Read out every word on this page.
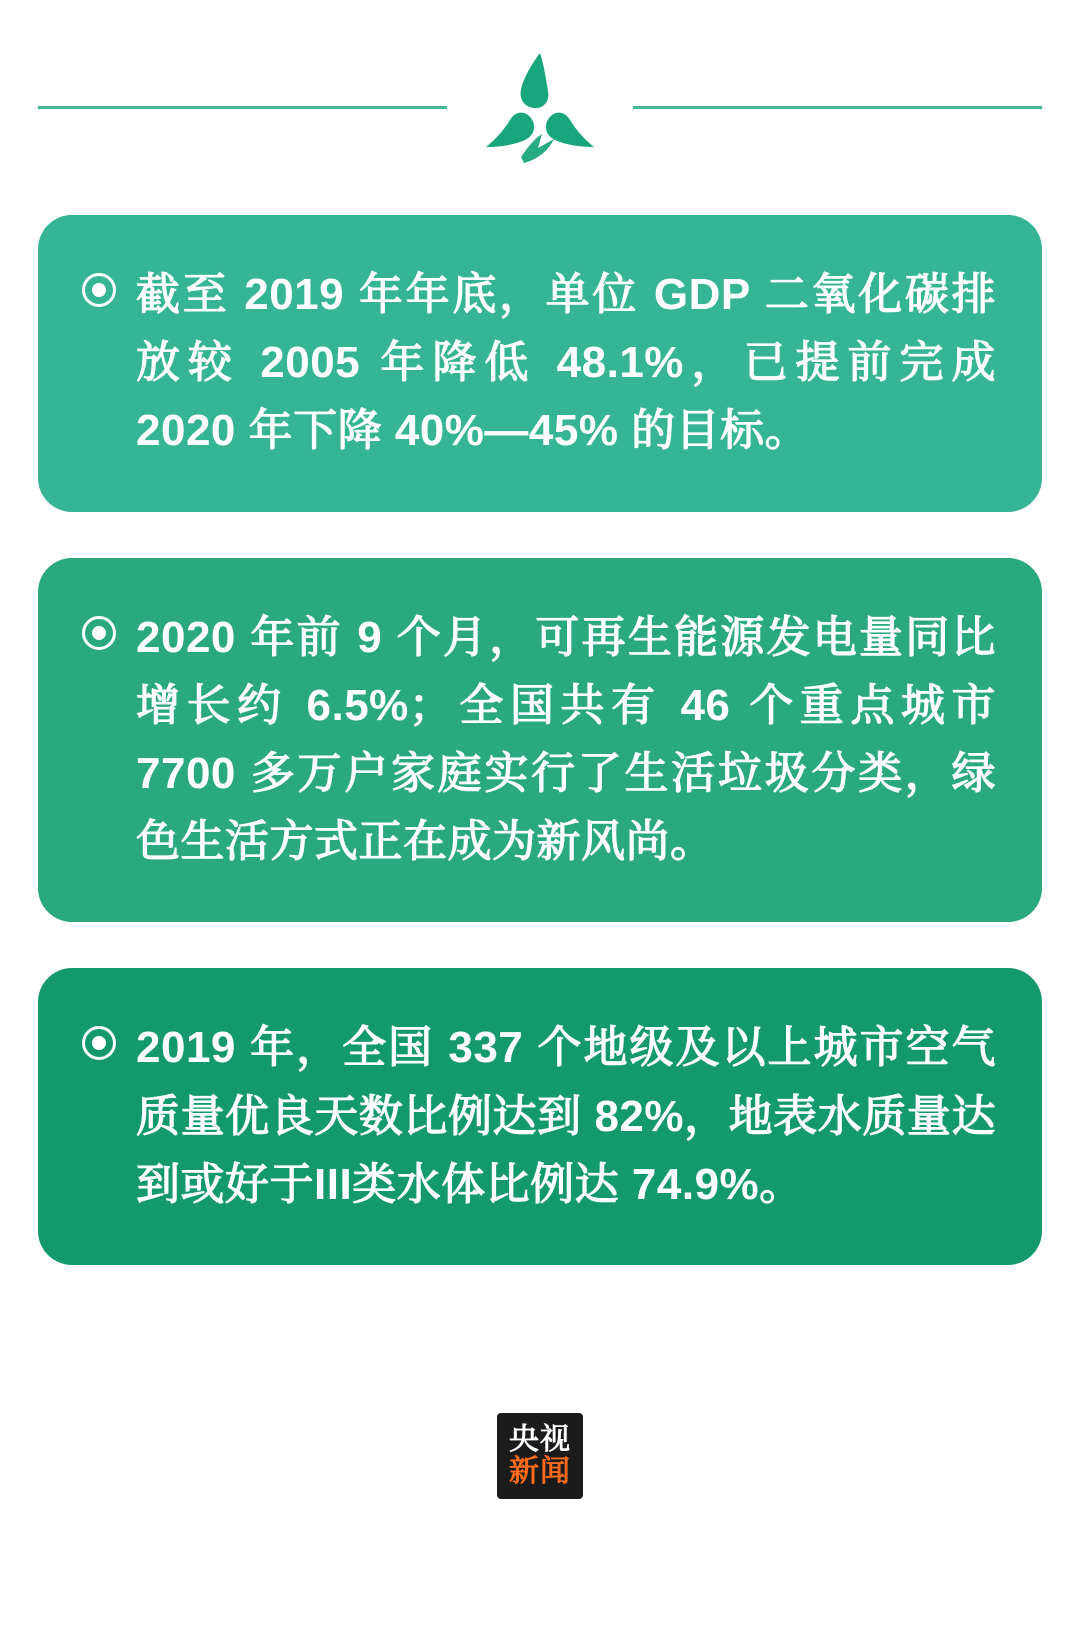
截至 2019 年年底，单位 GDP 二氧化碳排放较 2005 年降低 48.1%，已提前完成 2020 年下降 40%—45% 的目标。
2020 年前 9 个月，可再生能源发电量同比增长约 6.5%；全国共有 46 个重点城市 7700 多万户家庭实行了生活垃圾分类，绿色生活方式正在成为新风尚。
2019 年，全国 337 个地级及以上城市空气质量优良天数比例达到 82%，地表水质量达到或好于III类水体比例达 74.9%。
央视
新闻
